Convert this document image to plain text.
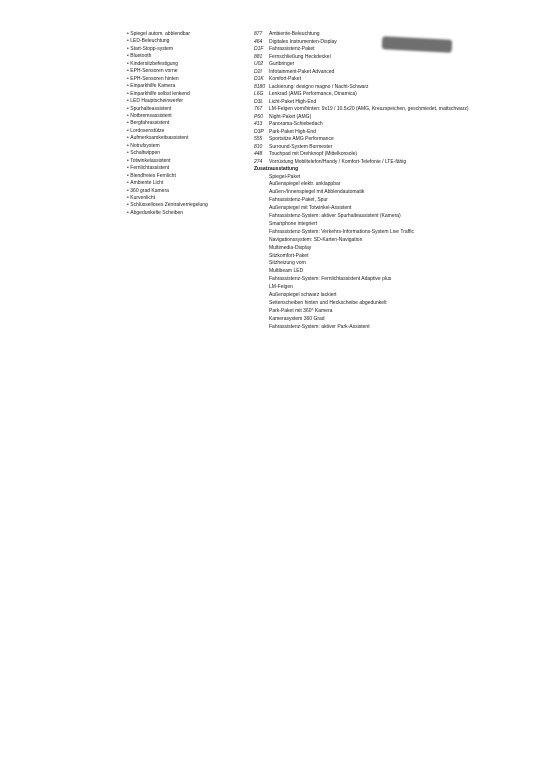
• Spiegel autom. abblendbar
• LED-Beleuchtung
• Start-Stopp-system
• Bluetooth
• Kindersitzbefestigung
• EPH-Sensoren vorne
• EPH-Sensoren hinten
• Einparkhilfe Kamera
• Einparkhilfe selbst lenkend
• LED Hauptscheinwerfer
• Spurhalteassistent
• Notbremsassistent
• Bergfahrassistent
• Lordosenstütze
• Aufmerksamkeitsassistent
• Notrufsystem
• Schaltwippen
• Totwinkelassistent
• Fernlichtassistent
• Blendfreies Fernlicht
• Ambiente Licht
• 360 grad Kamera
• Kurvenlicht
• Schlüsselloses Zentralverriegelung
• Abgedunkelte Scheiben
877	Ambiente-Beleuchtung
464	Digitales Instrumenten-Display
D1F	Fahrassistenz-Paket
881	Fernschließung Heckdeckel
U02	Gurtbringer
D2I	Infotainment-Paket Advanced
D1K	Komfort-Paket
8180 Lackierung: designo magno / Nacht-Schwarz
L6G	Lenkrad (AMG Performance, Dinamica)
D3L	Licht-Paket High-End
767	LM-Felgen vorn/hinten: 9x19 / 10.5x20 (AMG, Kreuzspeichen, geschmiedet, mattschwarz)
P60	Night-Paket (AMG)
413	Panorama-Schiebedach
D3P	Park-Paket High-End
555	Sportsitze AMG Performance
810	Surround-System Burmester
448	Touchpad mit Drehknopf (Mittelkonsole)
274	Vorrüstung Mobiltelefon/Handy / Komfort-Telefonie / LTE-fähig
Zusatzausstattung
Spiegel-Paket
Außenspiegel elektr. anklappbar
Außen-/Innenspiegel mit Abblendautomatik
Fahrassistenz-Paket, Spur
Außenspiegel mit Totwinkel-Assistent
Fahrassistenz-System: aktiver Spurhalteassistent (Kamera)
Smartphone integriert
Fahrassistenz-System: Verkehrs-Informations-System Live Traffic
Navigationssystem: SD-Karten-Navigation
Multimedia-Display
Sitzkomfort-Paket
Sitzheizung vorn
Multibeam LED
Fahrassistenz-System: Fernlichtassistent Adaptive plus
LM-Felgen
Außenspiegel schwarz lackiert
Seitenscheiben hinten und Heckscheibe abgedunkelt
Park-Paket mit 360° Kamera
Kamerasystem 360 Grad
Fahrassistenz-System: aktiver Park-Assistent
